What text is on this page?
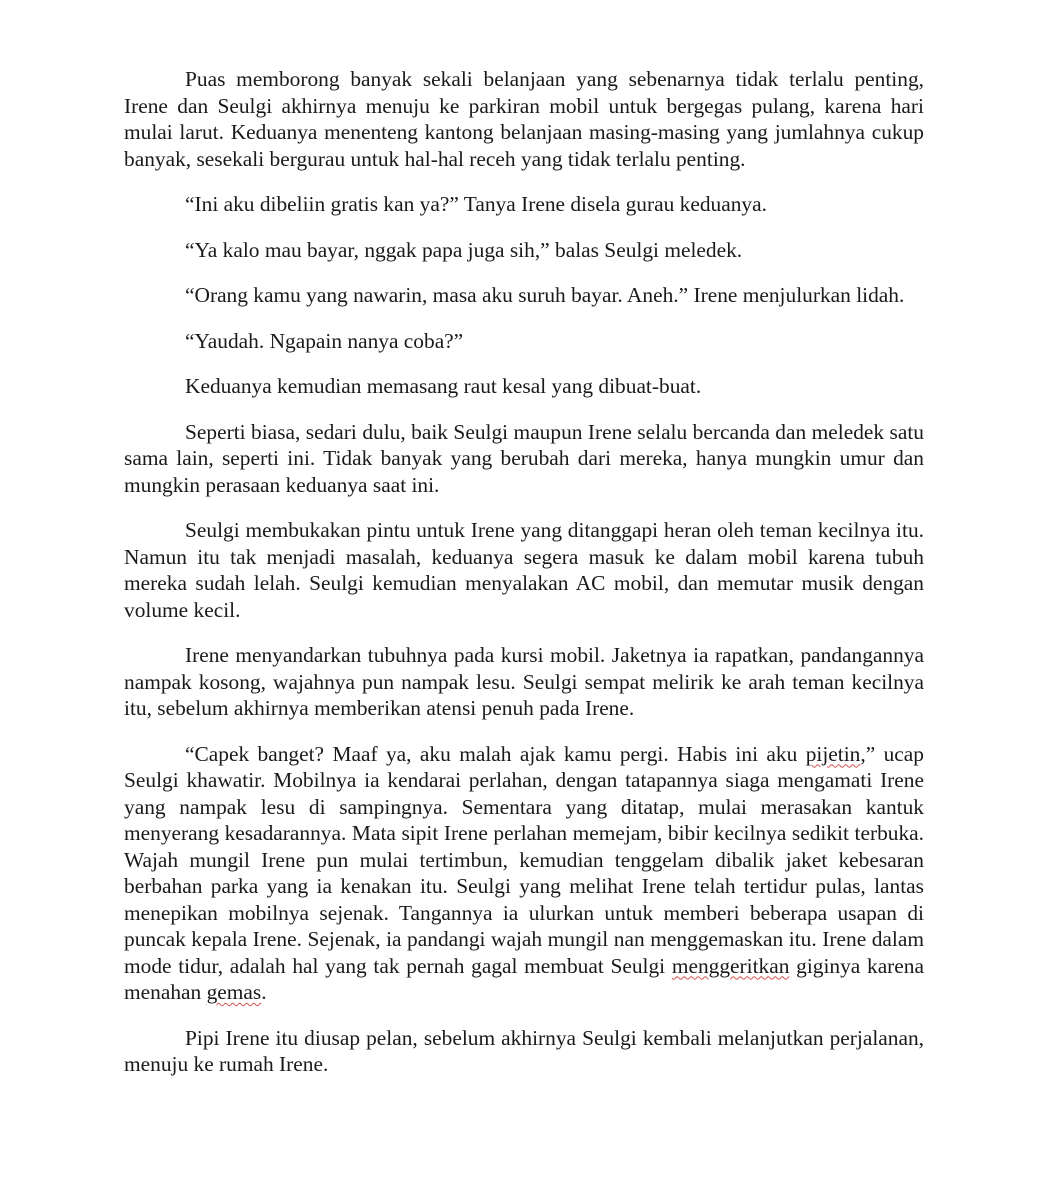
Puas memborong banyak sekali belanjaan yang sebenarnya tidak terlalu penting, Irene dan Seulgi akhirnya menuju ke parkiran mobil untuk bergegas pulang, karena hari mulai larut. Keduanya menenteng kantong belanjaan masing-masing yang jumlahnya cukup banyak, sesekali bergurau untuk hal-hal receh yang tidak terlalu penting.

“Ini aku dibeliin gratis kan ya?” Tanya Irene disela gurau keduanya.

“Ya kalo mau bayar, nggak papa juga sih,” balas Seulgi meledek.

“Orang kamu yang nawarin, masa aku suruh bayar. Aneh.” Irene menjulurkan lidah.

“Yaudah. Ngapain nanya coba?”

Keduanya kemudian memasang raut kesal yang dibuat-buat.

Seperti biasa, sedari dulu, baik Seulgi maupun Irene selalu bercanda dan meledek satu sama lain, seperti ini. Tidak banyak yang berubah dari mereka, hanya mungkin umur dan mungkin perasaan keduanya saat ini.

Seulgi membukakan pintu untuk Irene yang ditanggapi heran oleh teman kecilnya itu. Namun itu tak menjadi masalah, keduanya segera masuk ke dalam mobil karena tubuh mereka sudah lelah. Seulgi kemudian menyalakan AC mobil, dan memutar musik dengan volume kecil.

Irene menyandarkan tubuhnya pada kursi mobil. Jaketnya ia rapatkan, pandangannya nampak kosong, wajahnya pun nampak lesu. Seulgi sempat melirik ke arah teman kecilnya itu, sebelum akhirnya memberikan atensi penuh pada Irene.

“Capek banget? Maaf ya, aku malah ajak kamu pergi. Habis ini aku pijetin,” ucap Seulgi khawatir. Mobilnya ia kendarai perlahan, dengan tatapannya siaga mengamati Irene yang nampak lesu di sampingnya. Sementara yang ditatap, mulai merasakan kantuk menyerang kesadarannya. Mata sipit Irene perlahan memejam, bibir kecilnya sedikit terbuka. Wajah mungil Irene pun mulai tertimbun, kemudian tenggelam dibalik jaket kebesaran berbahan parka yang ia kenakan itu. Seulgi yang melihat Irene telah tertidur pulas, lantas menepikan mobilnya sejenak. Tangannya ia ulurkan untuk memberi beberapa usapan di puncak kepala Irene. Sejenak, ia pandangi wajah mungil nan menggemaskan itu. Irene dalam mode tidur, adalah hal yang tak pernah gagal membuat Seulgi menggeritkan giginya karena menahan gemas.

Pipi Irene itu diusap pelan, sebelum akhirnya Seulgi kembali melanjutkan perjalanan, menuju ke rumah Irene.
